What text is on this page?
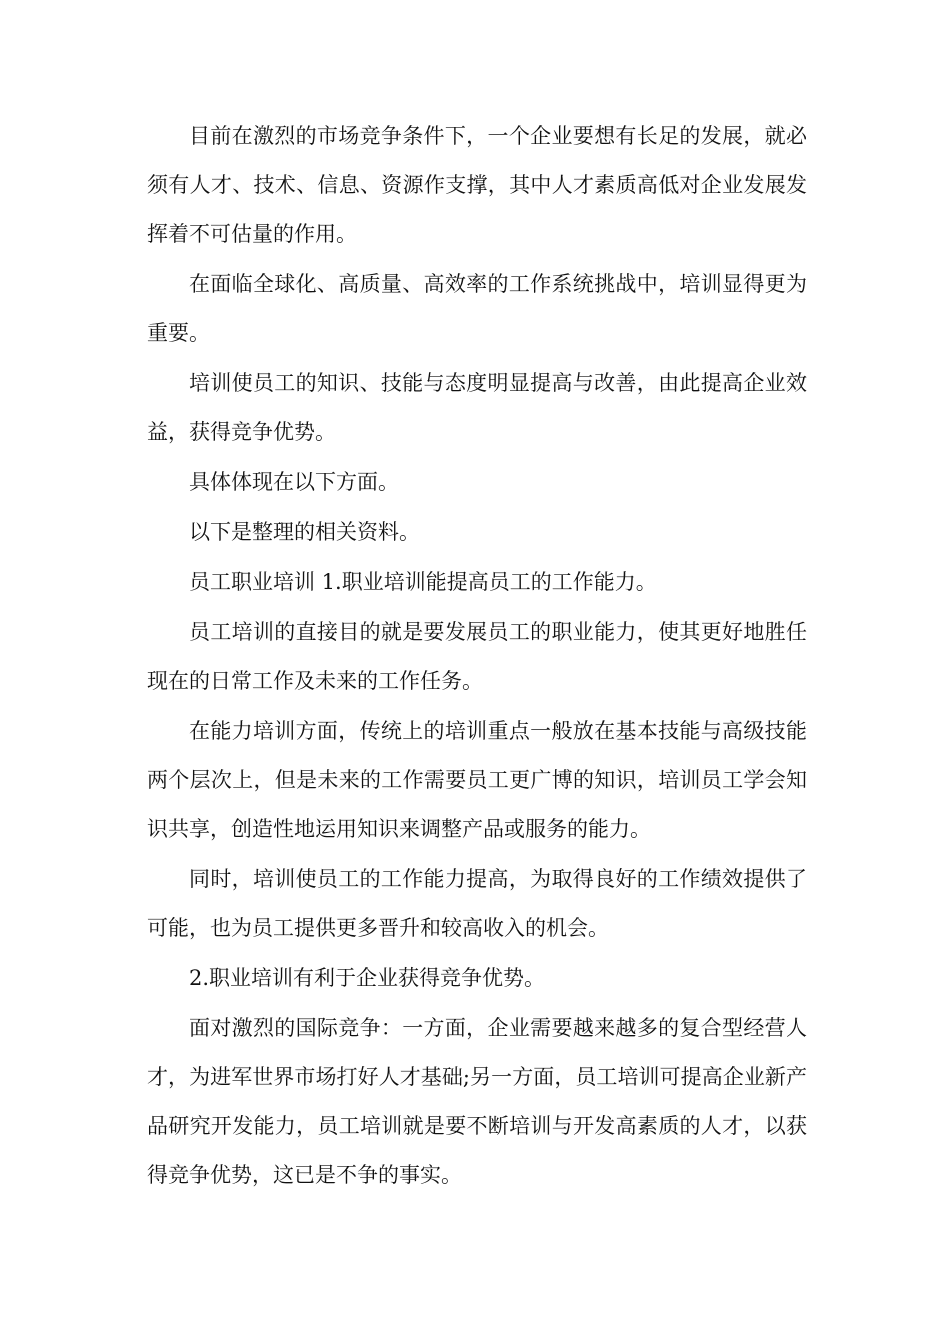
目前在激烈的市场竞争条件下，一个企业要想有长足的发展，就必须有人才、技术、信息、资源作支撑，其中人才素质高低对企业发展发挥着不可估量的作用。

在面临全球化、高质量、高效率的工作系统挑战中，培训显得更为重要。

培训使员工的知识、技能与态度明显提高与改善，由此提高企业效益，获得竞争优势。

具体体现在以下方面。

以下是整理的相关资料。

员工职业培训 1.职业培训能提高员工的工作能力。

员工培训的直接目的就是要发展员工的职业能力，使其更好地胜任现在的日常工作及未来的工作任务。

在能力培训方面，传统上的培训重点一般放在基本技能与高级技能两个层次上，但是未来的工作需要员工更广博的知识，培训员工学会知识共享，创造性地运用知识来调整产品或服务的能力。

同时，培训使员工的工作能力提高，为取得良好的工作绩效提供了可能，也为员工提供更多晋升和较高收入的机会。

2.职业培训有利于企业获得竞争优势。

面对激烈的国际竞争：一方面，企业需要越来越多的复合型经营人才，为进军世界市场打好人才基础;另一方面，员工培训可提高企业新产品研究开发能力，员工培训就是要不断培训与开发高素质的人才，以获得竞争优势，这已是不争的事实。
